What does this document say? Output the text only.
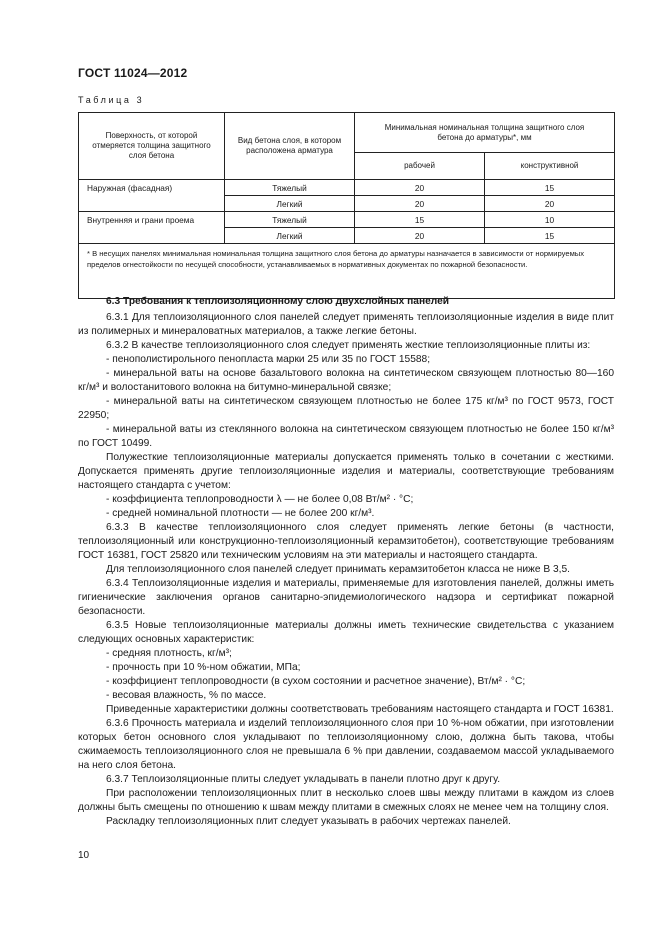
ГОСТ 11024—2012
Таблица 3
Поверхность, от которой отмеряется толщина защитного слоя бетона	Вид бетона слоя, в котором расположена арматура	Минимальная номинальная толщина защитного слоя бетона до арматуры*, мм	
		рабочей	конструктивной
Наружная (фасадная)	Тяжелый	20	15
	Легкий	20	20
Внутренняя и грани проема	Тяжелый	15	10
	Легкий	20	15
* В несущих панелях минимальная номинальная толщина защитного слоя бетона до арматуры назначается в зависимости от нормируемых пределов огнестойкости по несущей способности, устанавливаемых в нормативных документах по пожарной безопасности.			

6.3 Требования к теплоизоляционному слою двухслойных панелей

6.3.1 Для теплоизоляционного слоя панелей следует применять теплоизоляционные изделия в виде плит из полимерных и минераловатных материалов, а также легкие бетоны.

6.3.2 В качестве теплоизоляционного слоя следует применять жесткие теплоизоляционные плиты из:

- пенополистирольного пенопласта марки 25 или 35 по ГОСТ 15588;

- минеральной ваты на основе базальтового волокна на синтетическом связующем плотностью 80—160 кг/м³ и волостанитового волокна на битумно-минеральной связке;

- минеральной ваты на синтетическом связующем плотностью не более 175 кг/м³ по ГОСТ 9573, ГОСТ 22950;

- минеральной ваты из стеклянного волокна на синтетическом связующем плотностью не более 150 кг/м³ по ГОСТ 10499.

Полужесткие теплоизоляционные материалы допускается применять только в сочетании с жесткими. Допускается применять другие теплоизоляционные изделия и материалы, соответствующие требованиям настоящего стандарта с учетом:

- коэффициента теплопроводности λ — не более 0,08 Вт/м² · °С;

- средней номинальной плотности — не более 200 кг/м³.

6.3.3 В качестве теплоизоляционного слоя следует применять легкие бетоны (в частности, теплоизоляционный или конструкционно-теплоизоляционный керамзитобетон), соответствующие требованиям ГОСТ 16381, ГОСТ 25820 или техническим условиям на эти материалы и настоящего стандарта.

Для теплоизоляционного слоя панелей следует принимать керамзитобетон класса не ниже В 3,5.

6.3.4 Теплоизоляционные изделия и материалы, применяемые для изготовления панелей, должны иметь гигиенические заключения органов санитарно-эпидемиологического надзора и сертификат пожарной безопасности.

6.3.5 Новые теплоизоляционные материалы должны иметь технические свидетельства с указанием следующих основных характеристик:

- средняя плотность, кг/м³;

- прочность при 10 %-ном обжатии, МПа;

- коэффициент теплопроводности (в сухом состоянии и расчетное значение), Вт/м² · °С;

- весовая влажность, % по массе.

Приведенные характеристики должны соответствовать требованиям настоящего стандарта и ГОСТ 16381.

6.3.6 Прочность материала и изделий теплоизоляционного слоя при 10 %-ном обжатии, при изготовлении которых бетон основного слоя укладывают по теплоизоляционному слою, должна быть такова, чтобы сжимаемость теплоизоляционного слоя не превышала 6 % при давлении, создаваемом массой укладываемого на него слоя бетона.

6.3.7 Теплоизоляционные плиты следует укладывать в панели плотно друг к другу.

При расположении теплоизоляционных плит в несколько слоев швы между плитами в каждом из слоев должны быть смещены по отношению к швам между плитами в смежных слоях не менее чем на толщину слоя.

Раскладку теплоизоляционных плит следует указывать в рабочих чертежах панелей.

10
